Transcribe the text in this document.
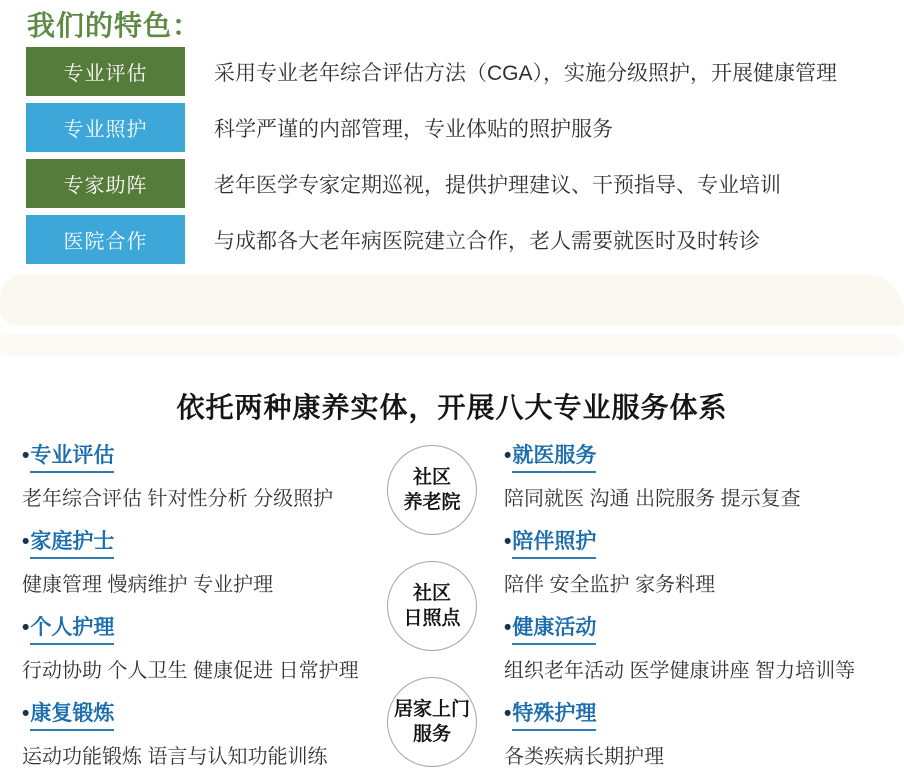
我们的特色：
专业评估	采用专业老年综合评估方法（CGA），实施分级照护，开展健康管理
专业照护	科学严谨的内部管理，专业体贴的照护服务
专家助阵	老年医学专家定期巡视，提供护理建议、干预指导、专业培训
医院合作	与成都各大老年病医院建立合作，老人需要就医时及时转诊
依托两种康养实体，开展八大专业服务体系
•专业评估
老年综合评估 针对性分析 分级照护
•家庭护士
健康管理 慢病维护 专业护理
•个人护理
行动协助 个人卫生 健康促进 日常护理
•康复锻炼
运动功能锻炼 语言与认知功能训练
社区
养老院
社区
日照点
居家上门
服务
•就医服务
陪同就医 沟通 出院服务 提示复查
•陪伴照护
陪伴 安全监护 家务料理
•健康活动
组织老年活动 医学健康讲座 智力培训等
•特殊护理
各类疾病长期护理
